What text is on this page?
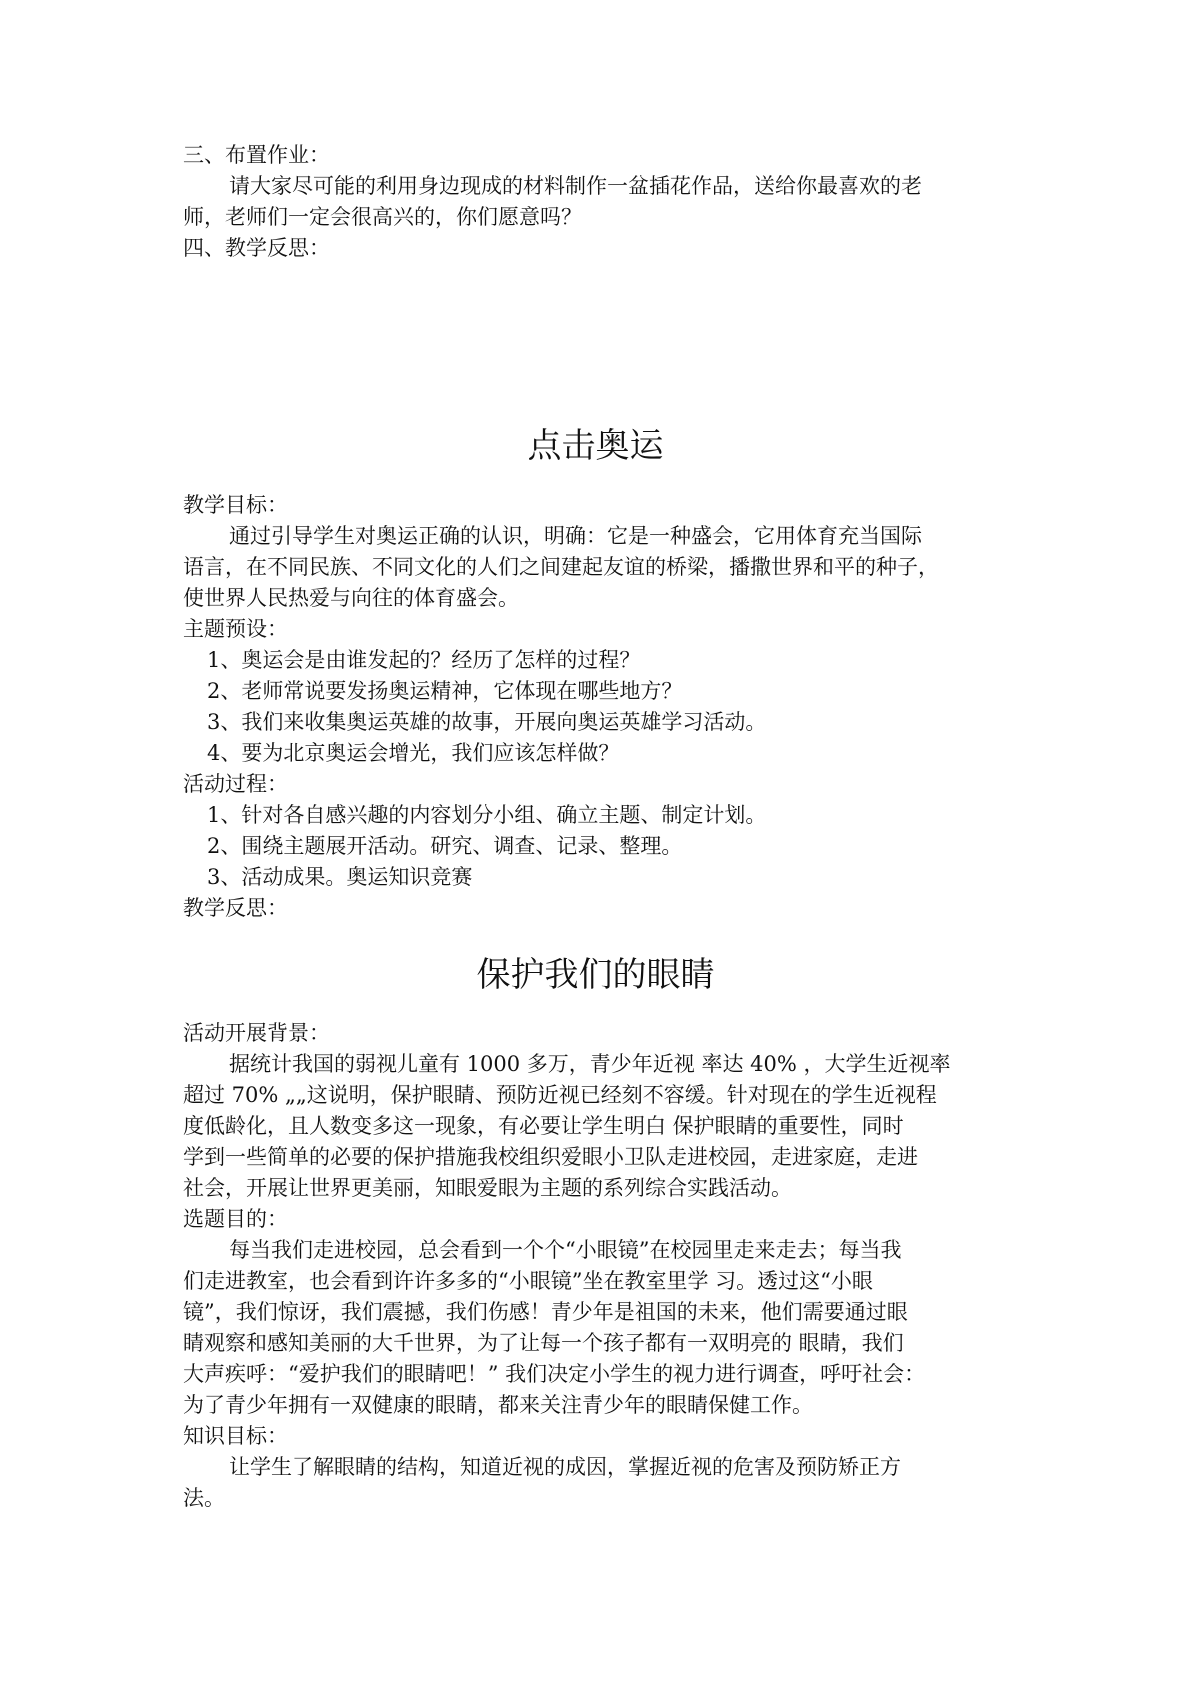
三、布置作业：
请大家尽可能的利用身边现成的材料制作一盆插花作品，送给你最喜欢的老
师，老师们一定会很高兴的，你们愿意吗？
四、教学反思：
点击奥运
教学目标：
通过引导学生对奥运正确的认识，明确：它是一种盛会，它用体育充当国际
语言，在不同民族、不同文化的人们之间建起友谊的桥梁，播撒世界和平的种子，
使世界人民热爱与向往的体育盛会。
主题预设：
1、奥运会是由谁发起的？经历了怎样的过程？
2、老师常说要发扬奥运精神，它体现在哪些地方？
3、我们来收集奥运英雄的故事，开展向奥运英雄学习活动。
4、要为北京奥运会增光，我们应该怎样做？
活动过程：
1、针对各自感兴趣的内容划分小组、确立主题、制定计划。
2、围绕主题展开活动。研究、调查、记录、整理。
3、活动成果。奥运知识竞赛
教学反思：
保护我们的眼睛
活动开展背景：
据统计我国的弱视儿童有 1000 多万，青少年近视 率达 40% ，大学生近视率
超过 70% „„这说明，保护眼睛、预防近视已经刻不容缓。针对现在的学生近视程
度低龄化，且人数变多这一现象，有必要让学生明白 保护眼睛的重要性，同时
学到一些简单的必要的保护措施我校组织爱眼小卫队走进校园，走进家庭，走进
社会，开展让世界更美丽，知眼爱眼为主题的系列综合实践活动。
选题目的：
每当我们走进校园，总会看到一个个“小眼镜”在校园里走来走去；每当我
们走进教室，也会看到许许多多的“小眼镜”坐在教室里学 习。透过这“小眼
镜”，我们惊讶，我们震撼，我们伤感！青少年是祖国的未来，他们需要通过眼
睛观察和感知美丽的大千世界，为了让每一个孩子都有一双明亮的 眼睛，我们
大声疾呼：“爱护我们的眼睛吧！” 我们决定小学生的视力进行调查，呼吁社会：
为了青少年拥有一双健康的眼睛，都来关注青少年的眼睛保健工作。
知识目标：
让学生了解眼睛的结构，知道近视的成因，掌握近视的危害及预防矫正方
法。
